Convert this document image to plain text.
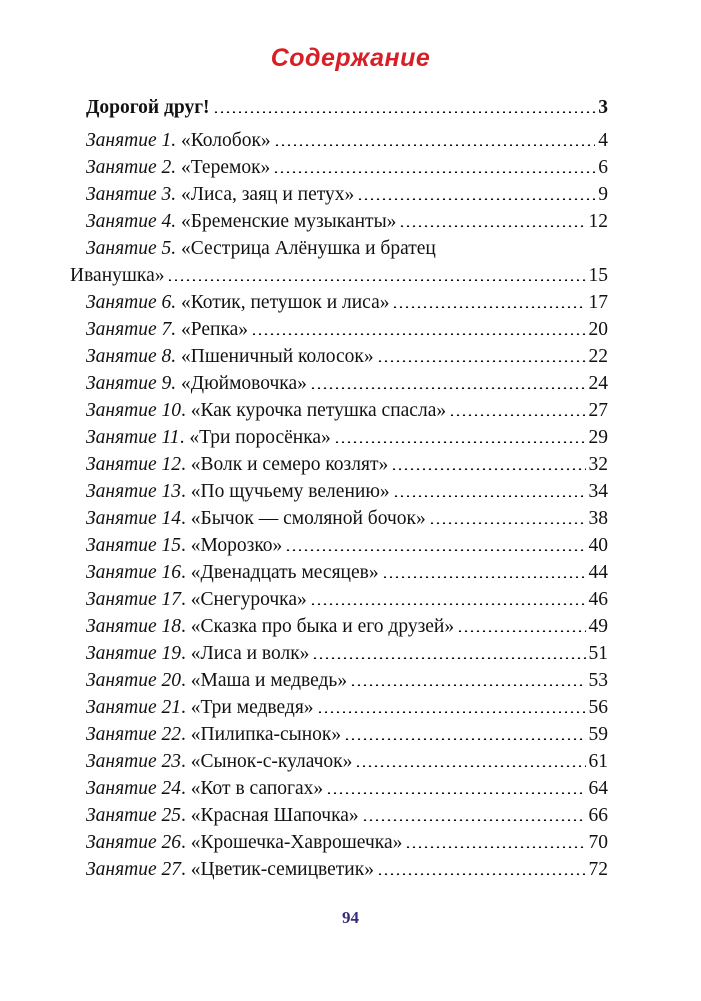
Содержание
Дорогой друг!	3
Занятие 1. «Колобок»	4
Занятие 2. «Теремок»	6
Занятие 3. «Лиса, заяц и петух»	9
Занятие 4. «Бременские музыканты»	12
Занятие 5. «Сестрица Алёнушка и братец
Иванушка»	15
Занятие 6. «Котик, петушок и лиса»	17
Занятие 7. «Репка»	20
Занятие 8. «Пшеничный колосок»	22
Занятие 9. «Дюймовочка»	24
Занятие 10. «Как курочка петушка спасла»	27
Занятие 11. «Три поросёнка»	29
Занятие 12. «Волк и семеро козлят»	32
Занятие 13. «По щучьему велению»	34
Занятие 14. «Бычок — смоляной бочок»	38
Занятие 15. «Морозко»	40
Занятие 16. «Двенадцать месяцев»	44
Занятие 17. «Снегурочка»	46
Занятие 18. «Сказка про быка и его друзей»	49
Занятие 19. «Лиса и волк»	51
Занятие 20. «Маша и медведь»	53
Занятие 21. «Три медведя»	56
Занятие 22. «Пилипка-сынок»	59
Занятие 23. «Сынок-с-кулачок»	61
Занятие 24. «Кот в сапогах»	64
Занятие 25. «Красная Шапочка»	66
Занятие 26. «Крошечка-Хаврошечка»	70
Занятие 27. «Цветик-семицветик»	72
94
